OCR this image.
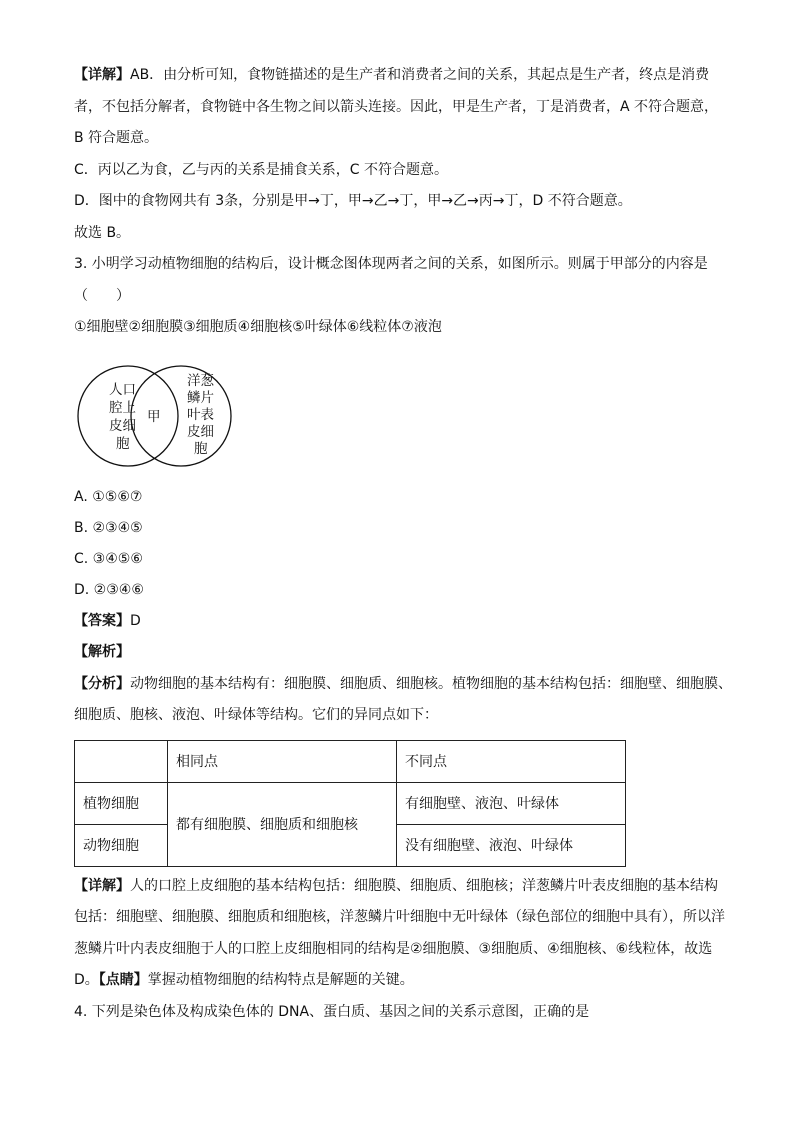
【详解】AB．由分析可知，食物链描述的是生产者和消费者之间的关系，其起点是生产者，终点是消费
者，不包括分解者，食物链中各生物之间以箭头连接。因此，甲是生产者，丁是消费者，A 不符合题意，
B 符合题意。
C．丙以乙为食，乙与丙的关系是捕食关系，C 不符合题意。
D．图中的食物网共有 3条，分别是甲→丁，甲→乙→丁，甲→乙→丙→丁，D 不符合题意。
故选 B。
3. 小明学习动植物细胞的结构后，设计概念图体现两者之间的关系，如图所示。则属于甲部分的内容是
（　　）
①细胞壁②细胞膜③细胞质④细胞核⑤叶绿体⑥线粒体⑦液泡
人口
腔上
皮细
胞
甲
洋葱
鳞片
叶表
皮细
胞
A. ①⑤⑥⑦
B. ②③④⑤
C. ③④⑤⑥
D. ②③④⑥
【答案】D
【解析】
【分析】动物细胞的基本结构有：细胞膜、细胞质、细胞核。植物细胞的基本结构包括：细胞壁、细胞膜、
细胞质、胞核、液泡、叶绿体等结构。它们的异同点如下：
	相同点	不同点
植物细胞	都有细胞膜、细胞质和细胞核	有细胞壁、液泡、叶绿体
动物细胞		没有细胞壁、液泡、叶绿体
【详解】人的口腔上皮细胞的基本结构包括：细胞膜、细胞质、细胞核；洋葱鳞片叶表皮细胞的基本结构
包括：细胞壁、细胞膜、细胞质和细胞核，洋葱鳞片叶细胞中无叶绿体（绿色部位的细胞中具有），所以洋
葱鳞片叶内表皮细胞于人的口腔上皮细胞相同的结构是②细胞膜、③细胞质、④细胞核、⑥线粒体，故选
D。【点睛】掌握动植物细胞的结构特点是解题的关键。
4. 下列是染色体及构成染色体的 DNA、蛋白质、基因之间的关系示意图，正确的是
